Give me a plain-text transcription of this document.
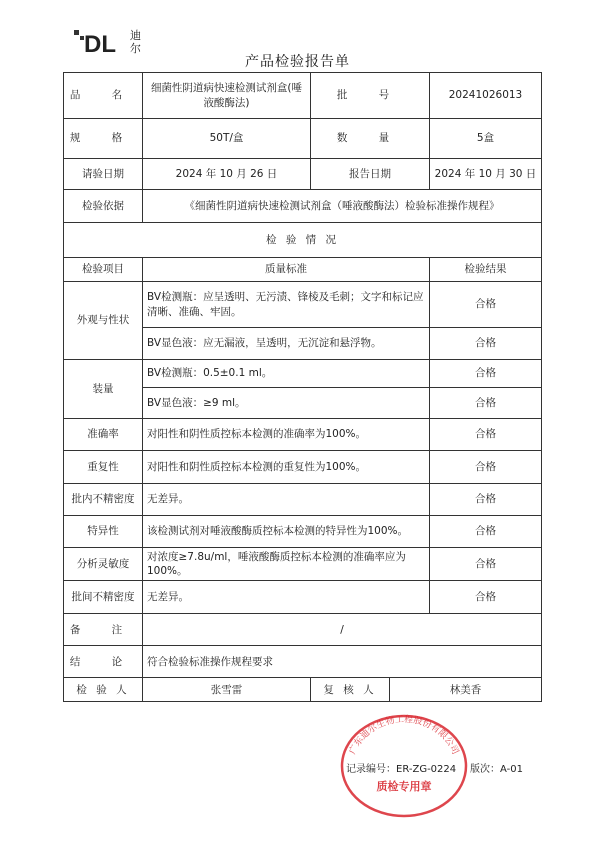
DL 迪
尔
产品检验报告单
品 名	细菌性阴道病快速检测试剂盒(唾液酸酶法)	批 号		20241026013
规 格	50T/盒	数 量		5盒
请验日期	2024 年 10 月 26 日	报告日期		2024 年 10 月 30 日
检验依据	《细菌性阴道病快速检测试剂盒（唾液酸酶法）检验标准操作规程》			
检 验 情 况				
检验项目	质量标准			检验结果
外观与性状	BV检测瓶：应呈透明、无污渍、锋棱及毛刺；文字和标记应清晰、准确、牢固。			合格
	BV显色液：应无漏液，呈透明，无沉淀和悬浮物。			合格
装量	BV检测瓶：0.5±0.1 ml。			合格
	BV显色液：≥9 ml。			合格
准确率	对阳性和阴性质控标本检测的准确率为100%。			合格
重复性	对阳性和阴性质控标本检测的重复性为100%。			合格
批内不精密度	无差异。			合格
特异性	该检测试剂对唾液酸酶质控标本检测的特异性为100%。			合格
分析灵敏度	对浓度≥7.8u/ml，唾液酸酶质控标本检测的准确率应为100%。			合格
批间不精密度	无差异。			合格
备 注	/			
结 论	符合检验标准操作规程要求			
检 验 人	张雪雷	复 核 人	林美香	
广东迪尔生物工程股份有限公司
质检专用章
记录编号：ER-ZG-0224 版次：A-01
